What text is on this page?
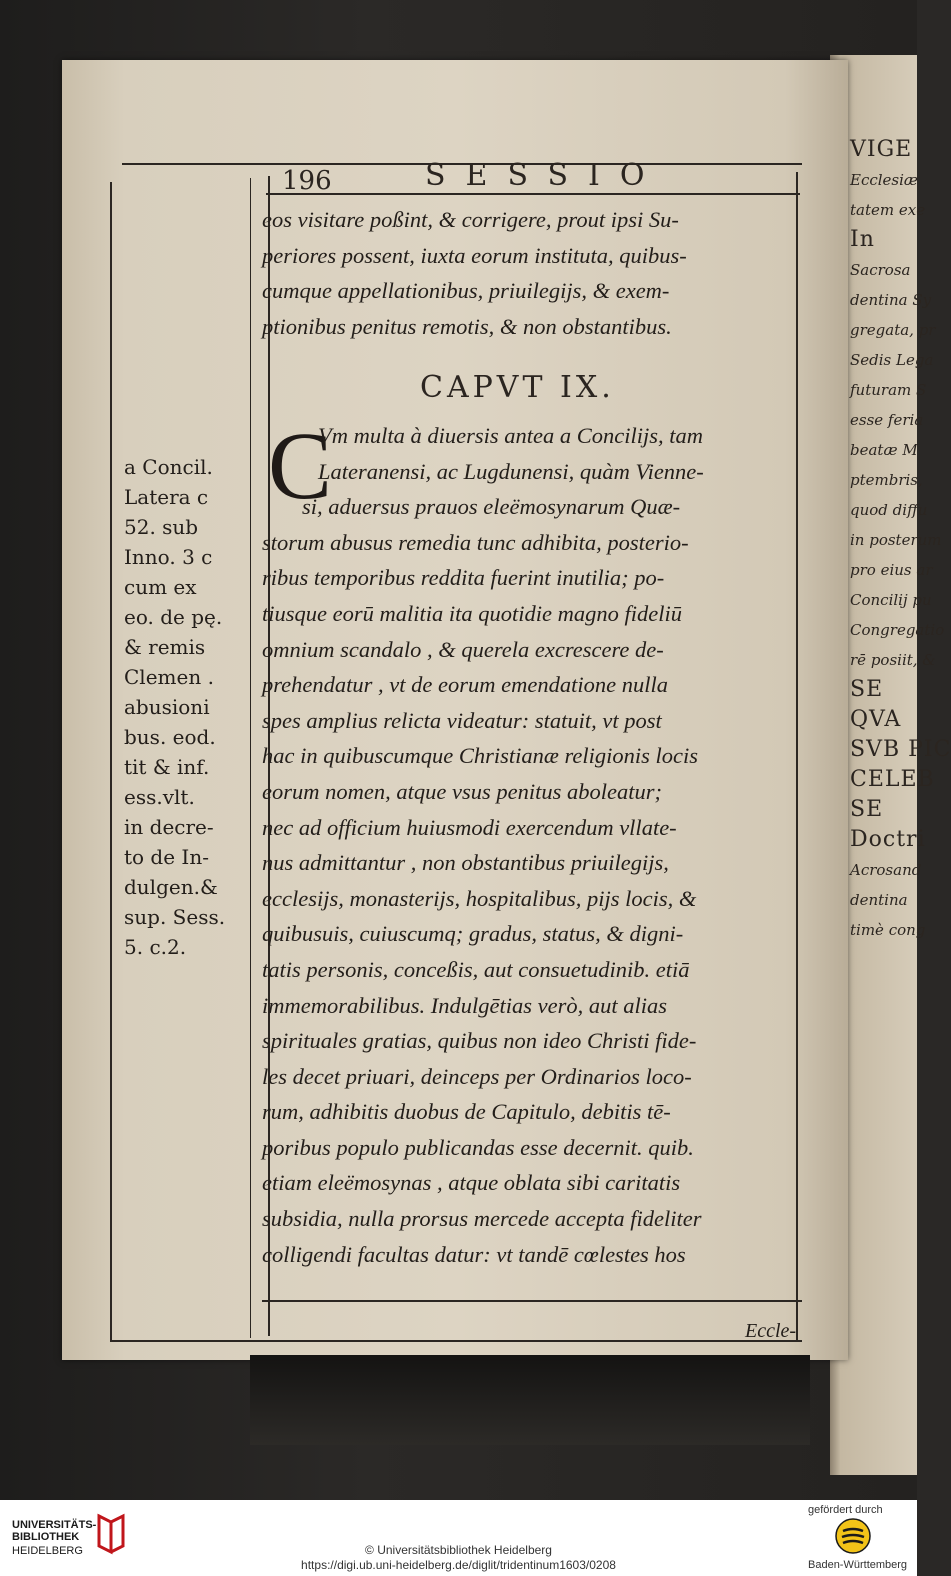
VIGE
Ecclesiæ
tatem exe
In
Sacrosa
dentina Sy
gregata, pr
Sedis Lega
futuram S
esse feria
beatæ M
ptembris,
quod diffu
in posterum
pro eius ar
Concilij pu
Congregatio
rē posiit, &
SE
QVA
SVB PIC
CELEB
SE
Doctri
Acrosand
dentina
timè cong
196	SESSIO
eos visitare poßint, & corrigere, prout ipsi Su-
periores possent, iuxta eorum instituta, quibus-
cumque appellationibus, priuilegijs, & exem-
ptionibus penitus remotis, & non obstantibus.
CAPVT IX.
C
Vm multa à diuersis antea a Concilijs, tam
Lateranensi, ac Lugdunensi, quàm Vienne-
si, aduersus prauos eleëmosynarum Quæ-
storum abusus remedia tunc adhibita, posterio-
ribus temporibus reddita fuerint inutilia; po-
tiusque eorū malitia ita quotidie magno fideliū
omnium scandalo , & querela excrescere de-
prehendatur , vt de eorum emendatione nulla
spes amplius relicta videatur: statuit, vt post
hac in quibuscumque Christianæ religionis locis
eorum nomen, atque vsus penitus aboleatur;
nec ad officium huiusmodi exercendum vllate-
nus admittantur , non obstantibus priuilegijs,
ecclesijs, monasterijs, hospitalibus, pijs locis, &
quibusuis, cuiuscumq; gradus, status, & digni-
tatis personis, conceßis, aut consuetudinib. etiā
immemorabilibus. Indulgētias verò, aut alias
spirituales gratias, quibus non ideo Christi fide-
les decet priuari, deinceps per Ordinarios loco-
rum, adhibitis duobus de Capitulo, debitis tē-
poribus populo publicandas esse decernit. quib.
etiam eleëmosynas , atque oblata sibi caritatis
subsidia, nulla prorsus mercede accepta fideliter
colligendi facultas datur: vt tandē cœlestes hos
a Concil.
Latera c
52. sub
Inno. 3 c
cum ex
eo. de pę.
& remis
Clemen .
abusioni
bus. eod.
tit & inf.
ess.vlt.
in decre-
to de In-
dulgen.&
sup. Sess.
5. c.2.
Eccle-
UNIVERSITÄTS-
BIBLIOTHEK
HEIDELBERG	© Universitätsbibliothek Heidelberg
https://digi.ub.uni-heidelberg.de/diglit/tridentinum1603/0208
gefördert durch
Baden-Württemberg
